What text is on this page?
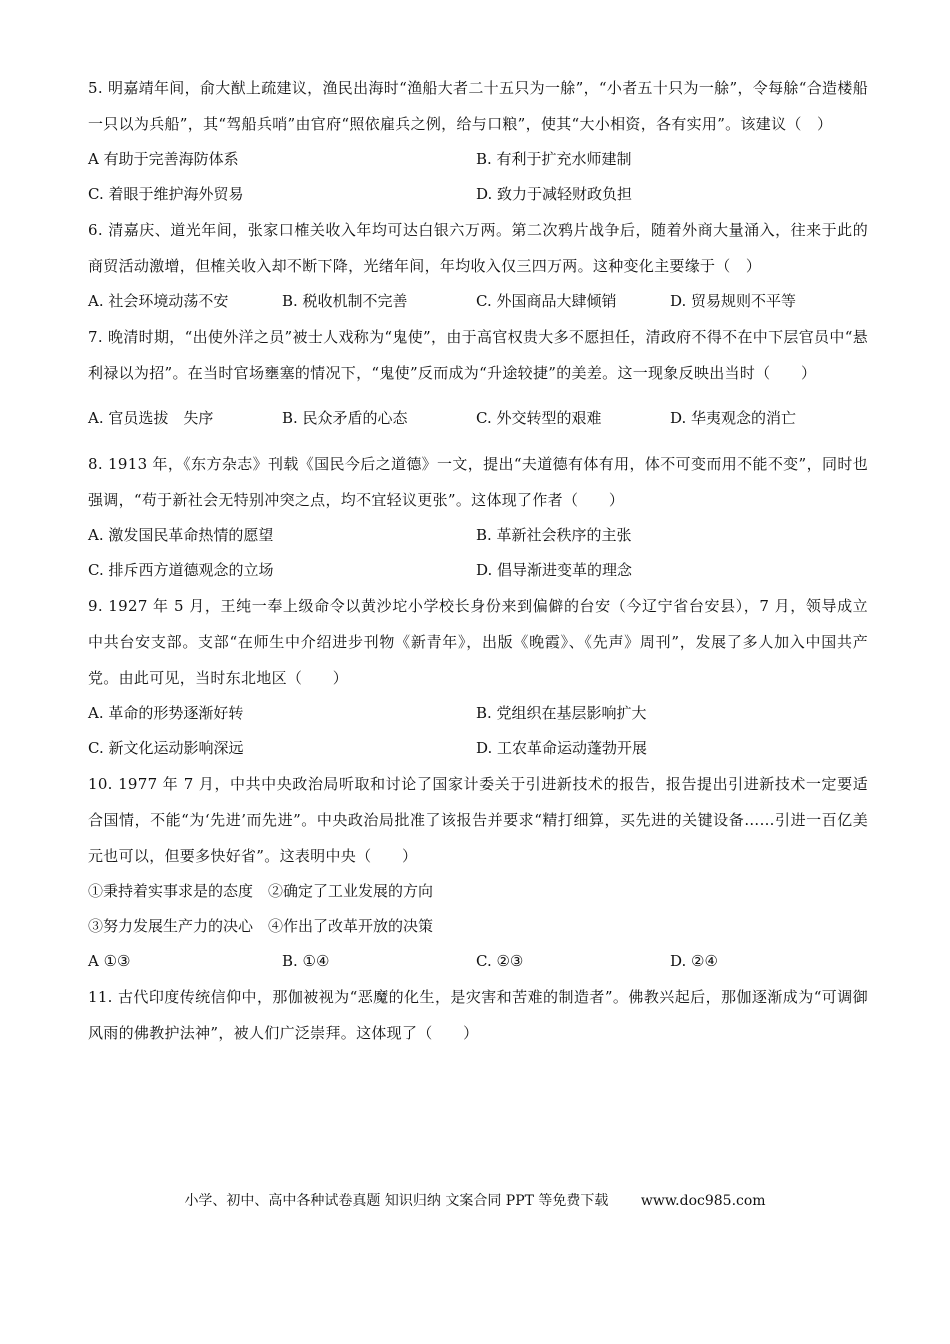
5. 明嘉靖年间，俞大猷上疏建议，渔民出海时“渔船大者二十五只为一艅”，“小者五十只为一艅”，令每艅“合造楼船一只以为兵船”，其“驾船兵哨”由官府“照依雇兵之例，给与口粮”，使其“大小相资，各有实用”。该建议（　）

A 有助于完善海防体系	B. 有利于扩充水师建制
C. 着眼于维护海外贸易	D. 致力于减轻财政负担

6. 清嘉庆、道光年间，张家口榷关收入年均可达白银六万两。第二次鸦片战争后，随着外商大量涌入，往来于此的商贸活动激增，但榷关收入却不断下降，光绪年间，年均收入仅三四万两。这种变化主要缘于（　）

A. 社会环境动荡不安	B. 税收机制不完善	C. 外国商品大肆倾销	D. 贸易规则不平等

7. 晚清时期，“出使外洋之员”被士人戏称为“鬼使”，由于高官权贵大多不愿担任，清政府不得不在中下层官员中“悬利禄以为招”。在当时官场壅塞的情况下，“鬼使”反而成为“升途较捷”的美差。这一现象反映出当时（　　）

A. 官员选拔　失序	B. 民众矛盾的心态	C. 外交转型的艰难	D. 华夷观念的消亡

8. 1913 年，《东方杂志》刊载《国民今后之道德》一文，提出“夫道德有体有用，体不可变而用不能不变”，同时也强调，“苟于新社会无特别冲突之点，均不宜轻议更张”。这体现了作者（　　）

A. 激发国民革命热情的愿望	B. 革新社会秩序的主张
C. 排斥西方道德观念的立场	D. 倡导渐进变革的理念

9. 1927 年 5 月，王纯一奉上级命令以黄沙坨小学校长身份来到偏僻的台安（今辽宁省台安县），7 月，领导成立中共台安支部。支部“在师生中介绍进步刊物《新青年》，出版《晚霞》、《先声》周刊”，发展了多人加入中国共产党。由此可见，当时东北地区（　　）

A. 革命的形势逐渐好转	B. 党组织在基层影响扩大
C. 新文化运动影响深远	D. 工农革命运动蓬勃开展

10. 1977 年 7 月，中共中央政治局听取和讨论了国家计委关于引进新技术的报告，报告提出引进新技术一定要适合国情，不能“为‘先进’而先进”。中央政治局批准了该报告并要求“精打细算，买先进的关键设备……引进一百亿美元也可以，但要多快好省”。这表明中央（　　）

①秉持着实事求是的态度　②确定了工业发展的方向
③努力发展生产力的决心　④作出了改革开放的决策
A ①③	B. ①④	C. ②③	D. ②④

11. 古代印度传统信仰中，那伽被视为“恶魔的化生，是灾害和苦难的制造者”。佛教兴起后，那伽逐渐成为“可调御风雨的佛教护法神”，被人们广泛崇拜。这体现了（　　）

小学、初中、高中各种试卷真题 知识归纳 文案合同 PPT 等免费下载 www.doc985.com
